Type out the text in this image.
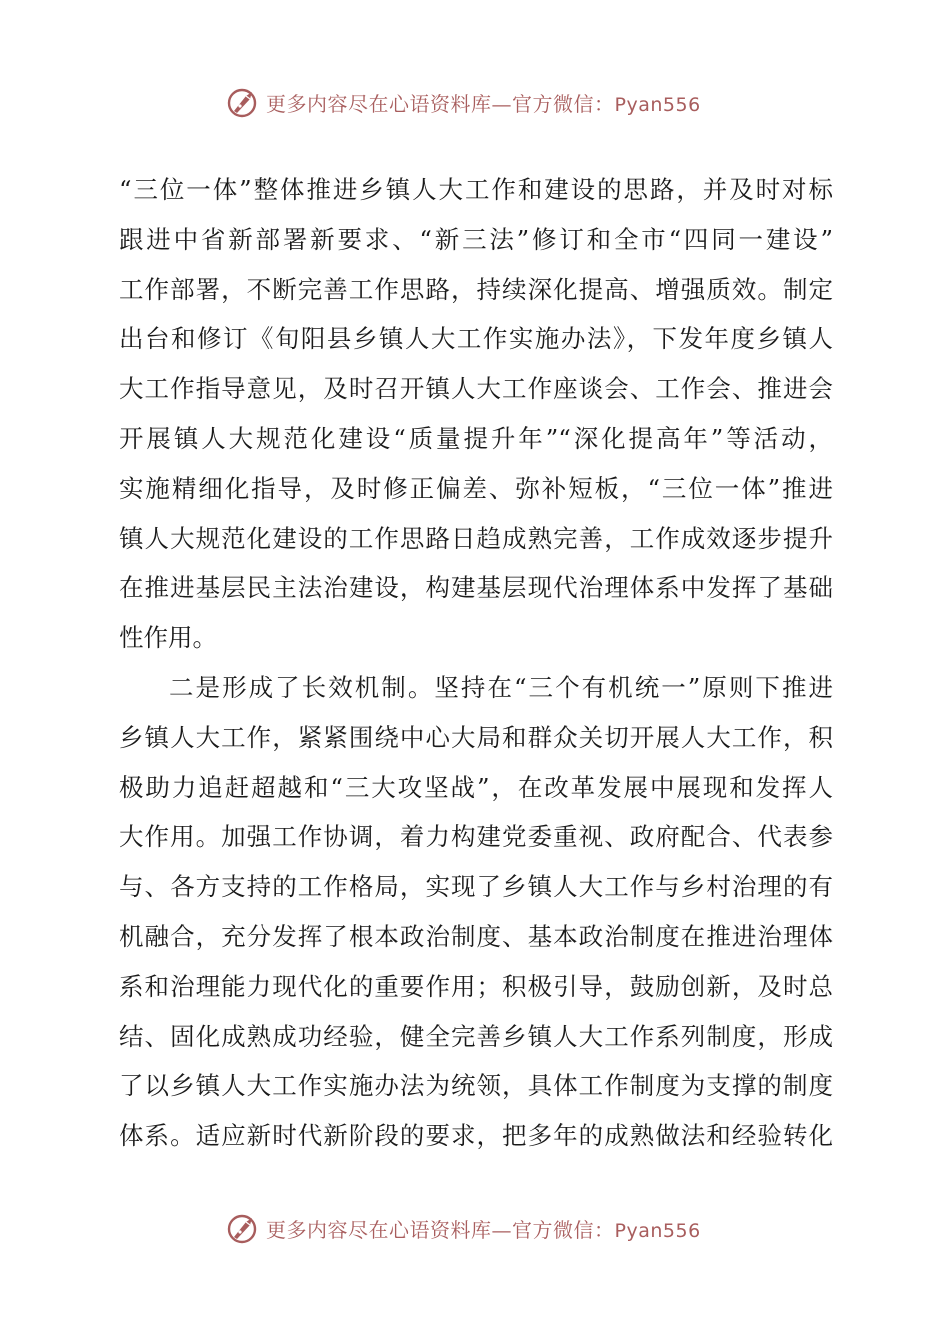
更多内容尽在心语资料库—官方微信：Pyan556
“三位一体”整体推进乡镇人大工作和建设的思路，并及时对标
跟进中省新部署新要求、“新三法”修订和全市“四同一建设”
工作部署，不断完善工作思路，持续深化提高、增强质效。制定
出台和修订《旬阳县乡镇人大工作实施办法》，下发年度乡镇人
大工作指导意见，及时召开镇人大工作座谈会、工作会、推进会
开展镇人大规范化建设“质量提升年”“深化提高年”等活动，
实施精细化指导，及时修正偏差、弥补短板，“三位一体”推进
镇人大规范化建设的工作思路日趋成熟完善，工作成效逐步提升
在推进基层民主法治建设，构建基层现代治理体系中发挥了基础
性作用。
二是形成了长效机制。坚持在“三个有机统一”原则下推进
乡镇人大工作，紧紧围绕中心大局和群众关切开展人大工作，积
极助力追赶超越和“三大攻坚战”，在改革发展中展现和发挥人
大作用。加强工作协调，着力构建党委重视、政府配合、代表参
与、各方支持的工作格局，实现了乡镇人大工作与乡村治理的有
机融合，充分发挥了根本政治制度、基本政治制度在推进治理体
系和治理能力现代化的重要作用；积极引导，鼓励创新，及时总
结、固化成熟成功经验，健全完善乡镇人大工作系列制度，形成
了以乡镇人大工作实施办法为统领，具体工作制度为支撑的制度
体系。适应新时代新阶段的要求，把多年的成熟做法和经验转化
更多内容尽在心语资料库—官方微信：Pyan556
